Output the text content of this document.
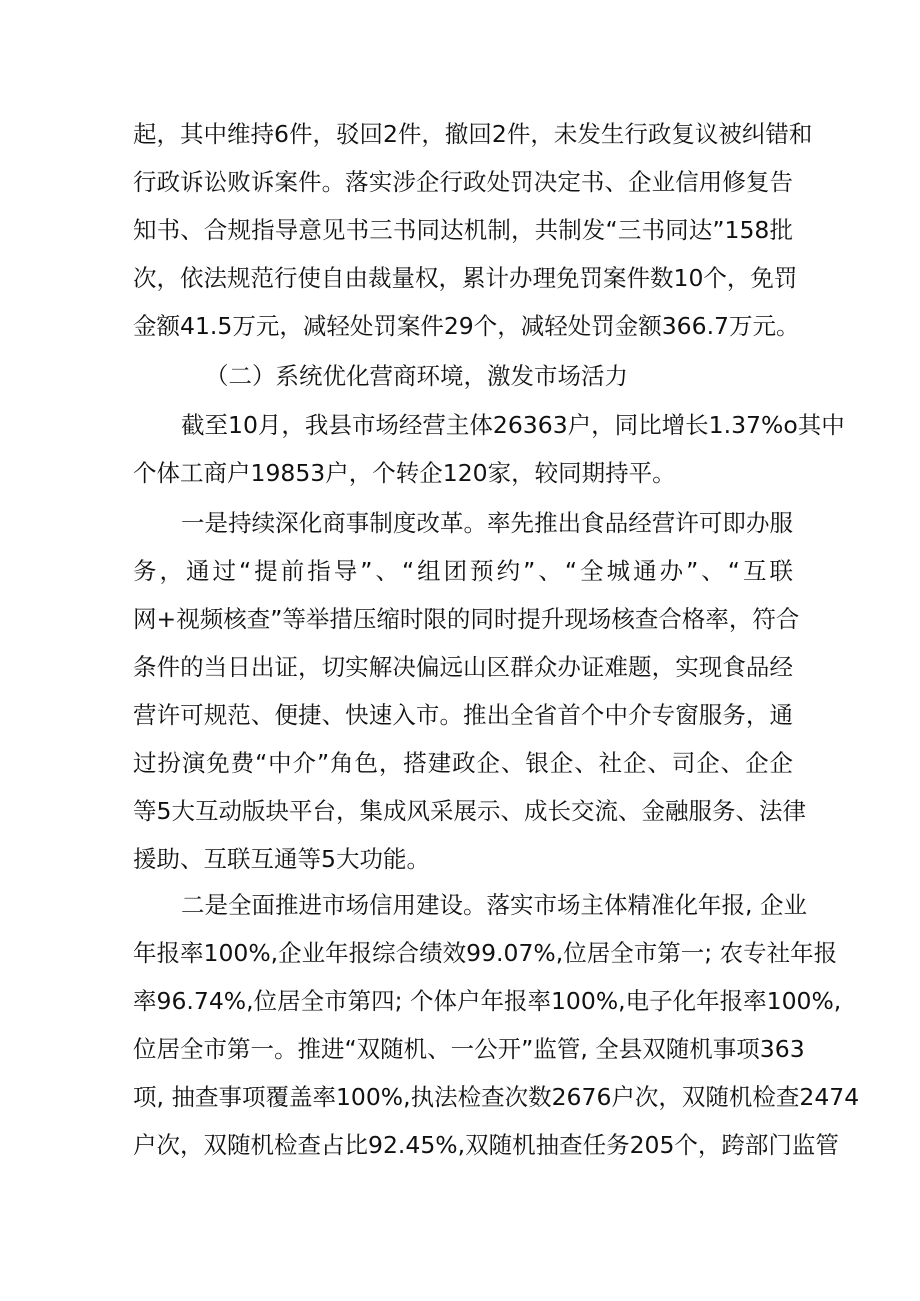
起，其中维持6件，驳回2件，撤回2件，未发生行政复议被纠错和
行政诉讼败诉案件。落实涉企行政处罚决定书、企业信用修复告
知书、合规指导意见书三书同达机制，共制发“三书同达”158批
次，依法规范行使自由裁量权，累计办理免罚案件数10个，免罚
金额41.5万元，减轻处罚案件29个，减轻处罚金额366.7万元。
（二）系统优化营商环境，激发市场活力
截至10月，我县市场经营主体26363户，同比增长1.37%o其中
个体工商户19853户，个转企120家，较同期持平。
一是持续深化商事制度改革。率先推出食品经营许可即办服
务，通过“提前指导”、“组团预约”、“全城通办”、“互联
网+视频核查”等举措压缩时限的同时提升现场核查合格率，符合
条件的当日出证，切实解决偏远山区群众办证难题，实现食品经
营许可规范、便捷、快速入市。推出全省首个中介专窗服务，通
过扮演免费“中介”角色，搭建政企、银企、社企、司企、企企
等5大互动版块平台，集成风采展示、成长交流、金融服务、法律
援助、互联互通等5大功能。
二是全面推进市场信用建设。落实市场主体精准化年报, 企业
年报率100%,企业年报综合绩效99.07%,位居全市第一; 农专社年报
率96.74%,位居全市第四; 个体户年报率100%,电子化年报率100%,
位居全市第一。推进“双随机、一公开”监管, 全县双随机事项363
项, 抽查事项覆盖率100%,执法检查次数2676户次，双随机检查2474
户次，双随机检查占比92.45%,双随机抽查任务205个，跨部门监管
